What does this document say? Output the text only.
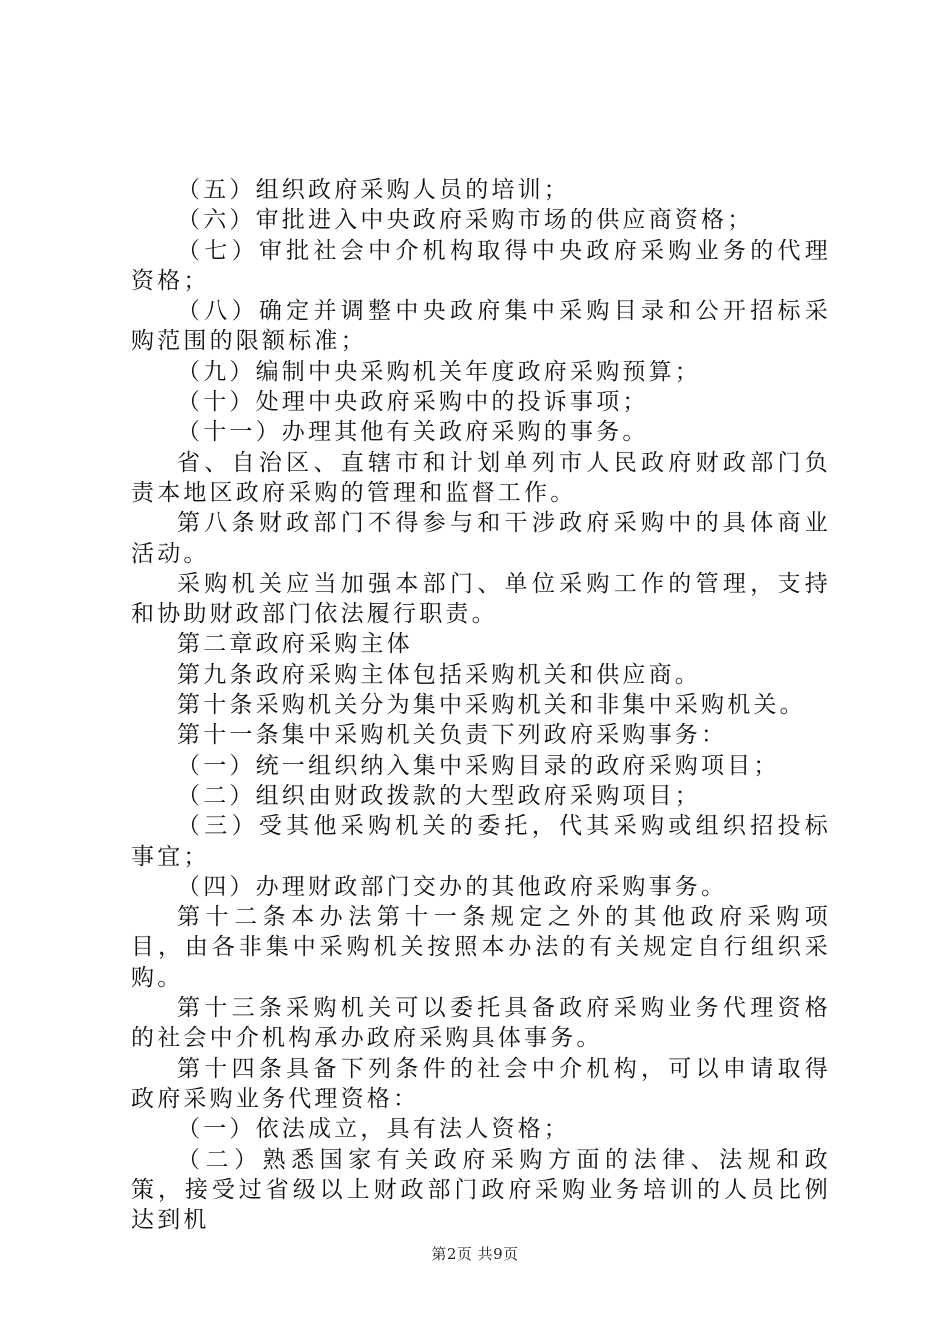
（五）组织政府采购人员的培训；

（六）审批进入中央政府采购市场的供应商资格；

（七）审批社会中介机构取得中央政府采购业务的代理资格；

（八）确定并调整中央政府集中采购目录和公开招标采购范围的限额标准；

（九）编制中央采购机关年度政府采购预算；

（十）处理中央政府采购中的投诉事项；

（十一）办理其他有关政府采购的事务。

省、自治区、直辖市和计划单列市人民政府财政部门负责本地区政府采购的管理和监督工作。

第八条财政部门不得参与和干涉政府采购中的具体商业活动。

采购机关应当加强本部门、单位采购工作的管理，支持和协助财政部门依法履行职责。

第二章政府采购主体

第九条政府采购主体包括采购机关和供应商。

第十条采购机关分为集中采购机关和非集中采购机关。

第十一条集中采购机关负责下列政府采购事务：

（一）统一组织纳入集中采购目录的政府采购项目；

（二）组织由财政拨款的大型政府采购项目；

（三）受其他采购机关的委托，代其采购或组织招投标事宜；

（四）办理财政部门交办的其他政府采购事务。

第十二条本办法第十一条规定之外的其他政府采购项目，由各非集中采购机关按照本办法的有关规定自行组织采购。

第十三条采购机关可以委托具备政府采购业务代理资格的社会中介机构承办政府采购具体事务。

第十四条具备下列条件的社会中介机构，可以申请取得政府采购业务代理资格：

（一）依法成立，具有法人资格；

（二）熟悉国家有关政府采购方面的法律、法规和政策，接受过省级以上财政部门政府采购业务培训的人员比例达到机

第2页 共9页
